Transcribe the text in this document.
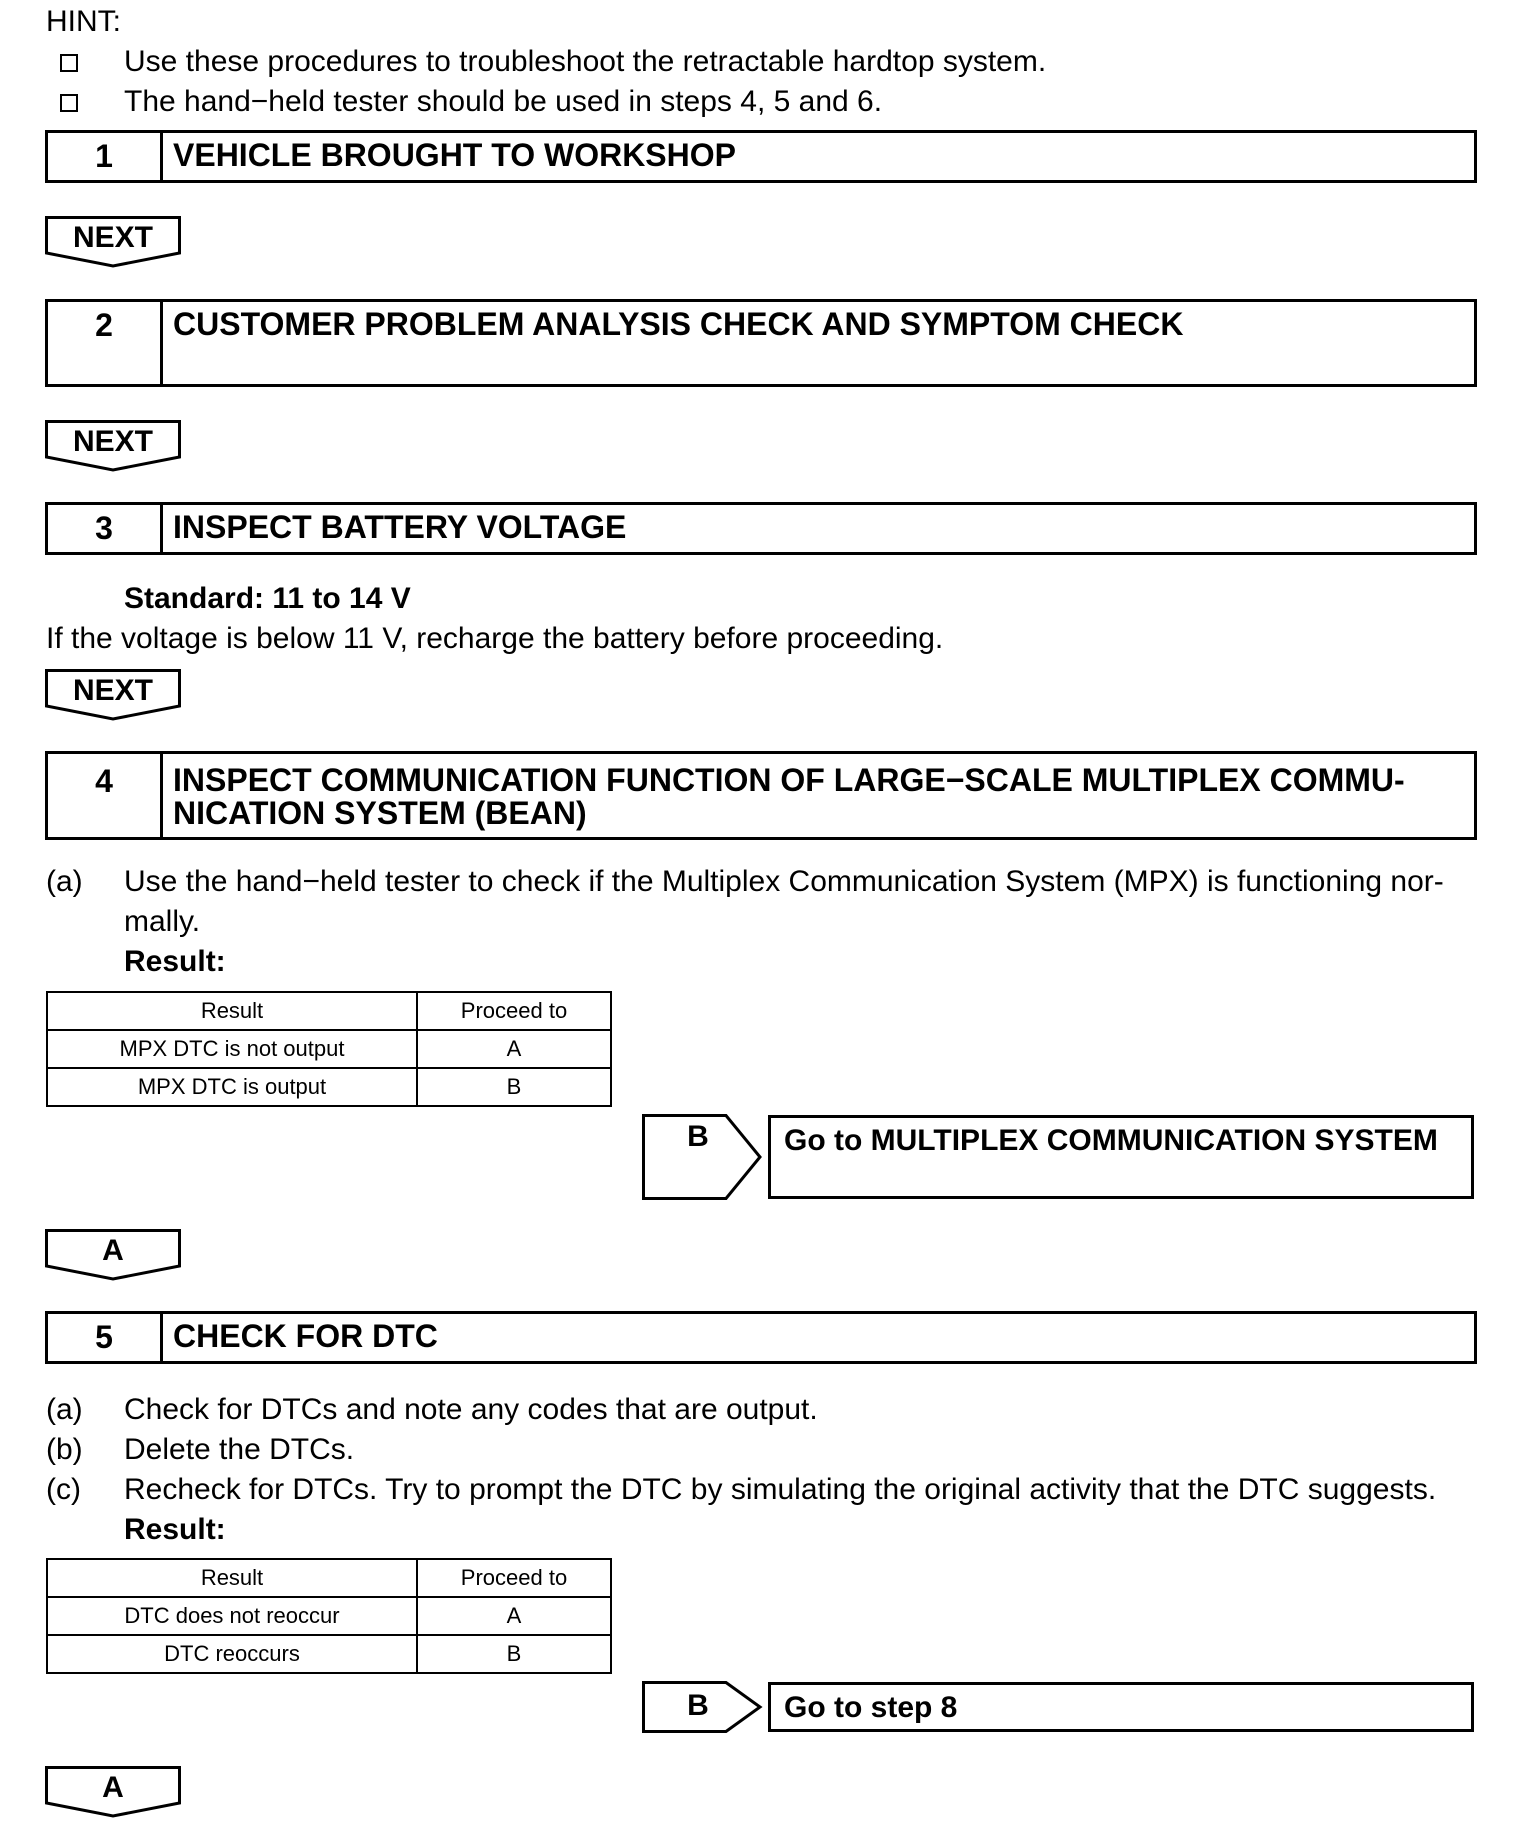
HINT:
Use these procedures to troubleshoot the retractable hardtop system.
The hand−held tester should be used in steps 4, 5 and 6.
1	VEHICLE BROUGHT TO WORKSHOP
NEXT
2	CUSTOMER PROBLEM ANALYSIS CHECK AND SYMPTOM CHECK
NEXT
3	INSPECT BATTERY VOLTAGE
Standard: 11 to 14 V
If the voltage is below 11 V, recharge the battery before proceeding.
NEXT
4	INSPECT COMMUNICATION FUNCTION OF LARGE−SCALE MULTIPLEX COMMU-
NICATION SYSTEM (BEAN)
(a) Use the hand−held tester to check if the Multiplex Communication System (MPX) is functioning nor-
mally.
Result:
Result	Proceed to
MPX DTC is not output	A
MPX DTC is output	B
B	Go to MULTIPLEX COMMUNICATION SYSTEM
A
5	CHECK FOR DTC
(a) Check for DTCs and note any codes that are output.
(b) Delete the DTCs.
(c) Recheck for DTCs. Try to prompt the DTC by simulating the original activity that the DTC suggests.
Result:
Result	Proceed to
DTC does not reoccur	A
DTC reoccurs	B
B	Go to step 8
A
